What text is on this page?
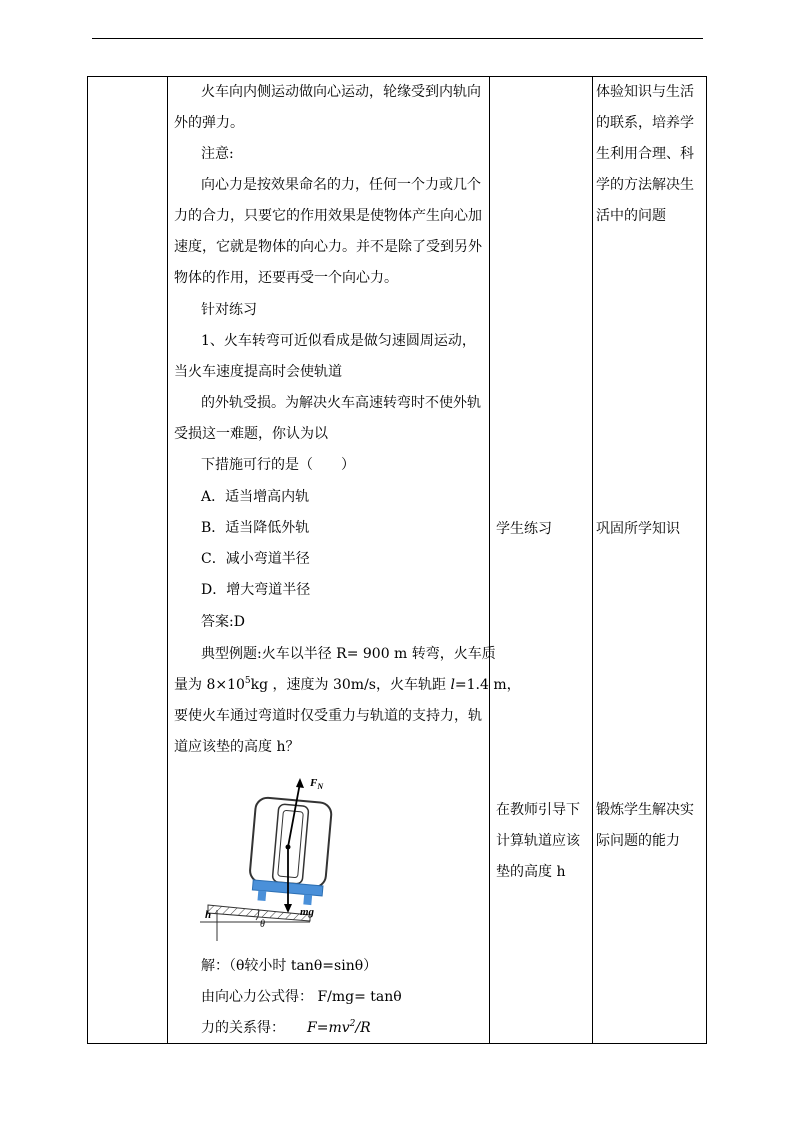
火车向内侧运动做向心运动，轮缘受到内轨向
外的弹力。
注意:
向心力是按效果命名的力，任何一个力或几个
力的合力，只要它的作用效果是使物体产生向心加
速度，它就是物体的向心力。并不是除了受到另外
物体的作用，还要再受一个向心力。
针对练习
1、火车转弯可近似看成是做匀速圆周运动，
当火车速度提高时会使轨道
的外轨受损。为解决火车高速转弯时不使外轨
受损这一难题，你认为以
下措施可行的是（　　）
A．适当增高内轨
B．适当降低外轨
C．减小弯道半径
D．增大弯道半径
答案:D
典型例题:火车以半径 R= 900 m 转弯，火车质
量为 $8\times 10^5kg$ ，速度为 30m/s，火车轨距 l=1.4 m，
要使火车通过弯道时仅受重力与轨道的支持力，轨
道应该垫的高度 h？
$F_N$
mg
h
θ
解：（θ较小时 tanθ=sinθ）
由向心力公式得： F/mg= tanθ
力的关系得： $F=mv^2/R$
学生练习
在教师引导下
计算轨道应该
垫的高度 h
体验知识与生活
的联系，培养学
生利用合理、科
学的方法解决生
活中的问题
巩固所学知识
锻炼学生解决实
际问题的能力
